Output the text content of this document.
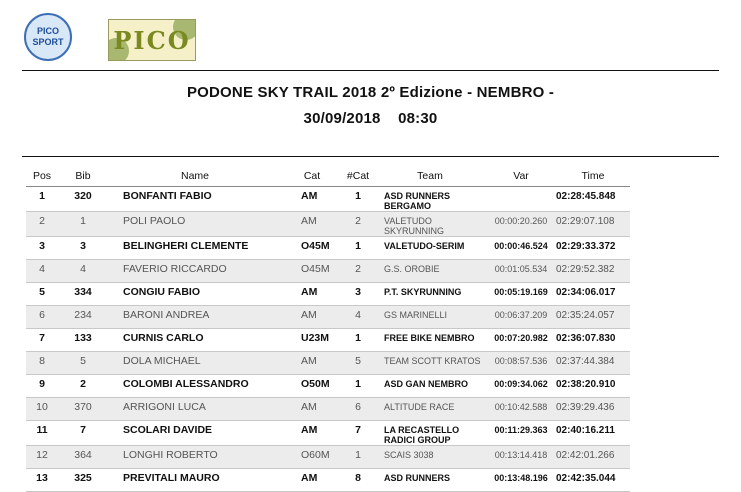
PICO
SPORT PICO
PODONE SKY TRAIL 2018 2º Edizione - NEMBRO -
30/09/2018    08:30
Pos	Bib	Name	Cat	#Cat	Team	Var	Time

1	320	BONFANTI FABIO	AM	1	ASD RUNNERS BERGAMO		02:28:45.848

2	1	POLI PAOLO	AM	2	VALETUDO SKYRUNNING	00:00:20.260	02:29:07.108

3	3	BELINGHERI CLEMENTE	O45M	1	VALETUDO-SERIM	00:00:46.524	02:29:33.372

4	4	FAVERIO RICCARDO	O45M	2	G.S. OROBIE	00:01:05.534	02:29:52.382

5	334	CONGIU FABIO	AM	3	P.T. SKYRUNNING	00:05:19.169	02:34:06.017

6	234	BARONI ANDREA	AM	4	GS MARINELLI	00:06:37.209	02:35:24.057

7	133	CURNIS CARLO	U23M	1	FREE BIKE NEMBRO	00:07:20.982	02:36:07.830

8	5	DOLA MICHAEL	AM	5	TEAM SCOTT KRATOS	00:08:57.536	02:37:44.384

9	2	COLOMBI ALESSANDRO	O50M	1	ASD GAN NEMBRO	00:09:34.062	02:38:20.910

10	370	ARRIGONI LUCA	AM	6	ALTITUDE RACE	00:10:42.588	02:39:29.436

11	7	SCOLARI DAVIDE	AM	7	LA RECASTELLO RADICI GROUP	00:11:29.363	02:40:16.211

12	364	LONGHI ROBERTO	O60M	1	SCAIS 3038	00:13:14.418	02:42:01.266

13	325	PREVITALI MAURO	AM	8	ASD RUNNERS	00:13:48.196	02:42:35.044
